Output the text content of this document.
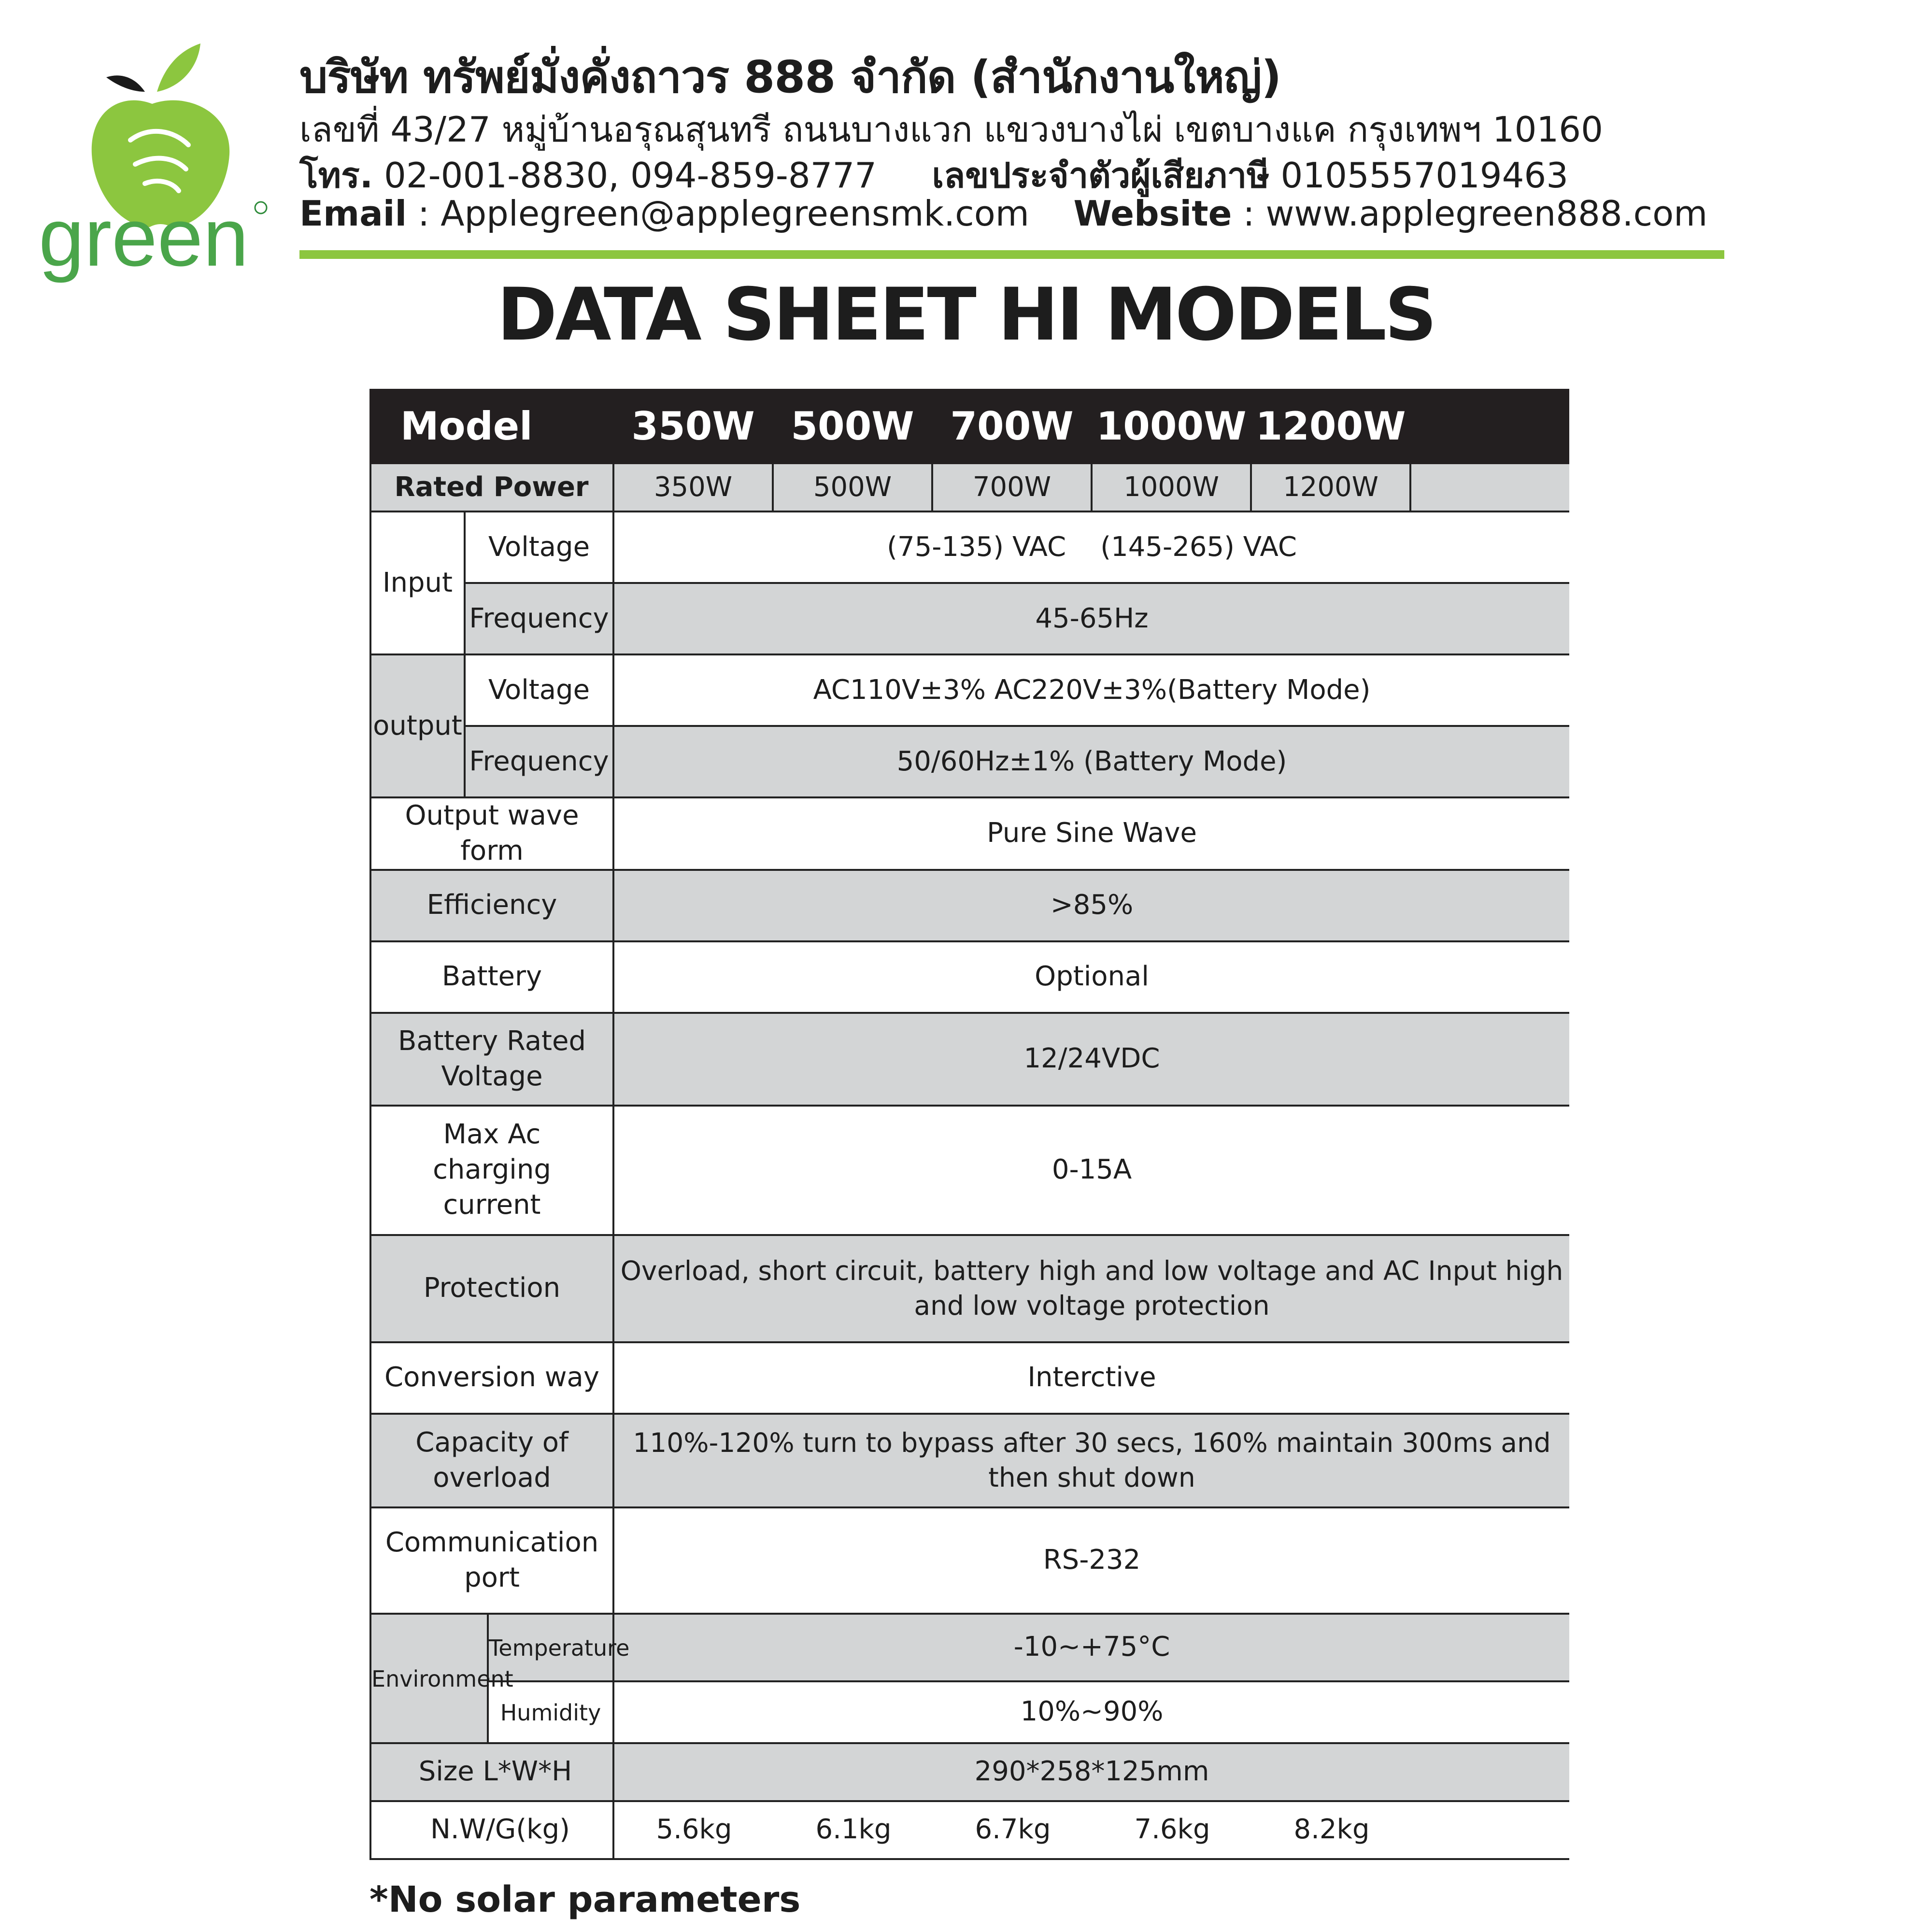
green
บริษัท ทรัพย์มั่งคั่งถาวร 888 จำกัด (สำนักงานใหญ่)
เลขที่ 43/27 หมู่บ้านอรุณสุนทรี ถนนบางแวก แขวงบางไผ่ เขตบางแค กรุงเทพฯ 10160
โทร. 02-001-8830, 094-859-8777 เลขประจำตัวผู้เสียภาษี 0105557019463
Email : Applegreen@applegreensmk.com Website : www.applegreen888.com
DATA SHEET HI MODELS
Model			350W	500W	700W	1000W	1200W	
Rated Power			350W	500W	700W	1000W	1200W	
Input	Voltage		(75-135) VAC    (145-265) VAC					
	Frequency		45-65Hz					
output	Voltage		AC110V±3% AC220V±3%(Battery Mode)					
	Frequency		50/60Hz±1% (Battery Mode)					
Output wave form			Pure Sine Wave					
Efficiency			>85%					
Battery			Optional					
Battery Rated Voltage			12/24VDC					
Max Ac charging current			0-15A					
Protection			Overload, short circuit, battery high and low voltage and AC Input high and low voltage protection					
Conversion way			Interctive					
Capacity of overload			110%-120% turn to bypass after 30 secs, 160% maintain 300ms and then shut down					
Communication port			RS-232					
Environment		Temperature	-10~+75°C					
		Humidity	10%~90%					
Size L*W*H			290*258*125mm					
N.W/G(kg)			5.6kg 6.1kg 6.7kg 7.6kg 8.2kg					
*No solar parameters
